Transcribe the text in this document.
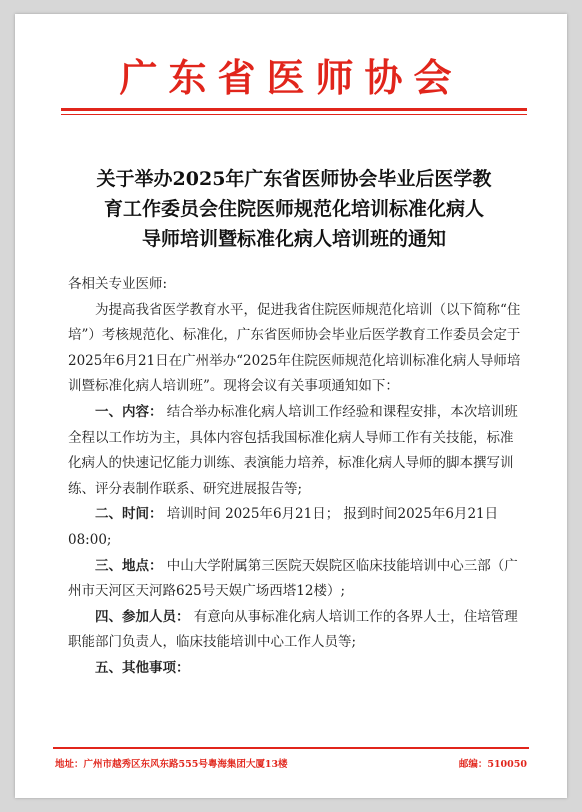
广东省医师协会
关于举办2025年广东省医师协会毕业后医学教
育工作委员会住院医师规范化培训标准化病人
导师培训暨标准化病人培训班的通知

各相关专业医师:

为提高我省医学教育水平，促进我省住院医师规范化培训（以下简称“住培”）考核规范化、标准化，广东省医师协会毕业后医学教育工作委员会定于2025年6月21日在广州举办“2025年住院医师规范化培训标准化病人导师培训暨标准化病人培训班”。现将会议有关事项通知如下：

一、内容： 结合举办标准化病人培训工作经验和课程安排，本次培训班全程以工作坊为主，具体内容包括我国标准化病人导师工作有关技能，标准化病人的快速记忆能力训练、表演能力培养，标准化病人导师的脚本撰写训练、评分表制作联系、研究进展报告等;

二、时间： 培训时间 2025年6月21日； 报到时间2025年6月21日 08:00;

三、地点： 中山大学附属第三医院天娱院区临床技能培训中心三部（广州市天河区天河路625号天娱广场西塔12楼）;

四、参加人员： 有意向从事标准化病人培训工作的各界人士，住培管理职能部门负责人，临床技能培训中心工作人员等;

五、其他事项：

地址：广州市越秀区东风东路555号粤海集团大厦13楼	邮编：510050
